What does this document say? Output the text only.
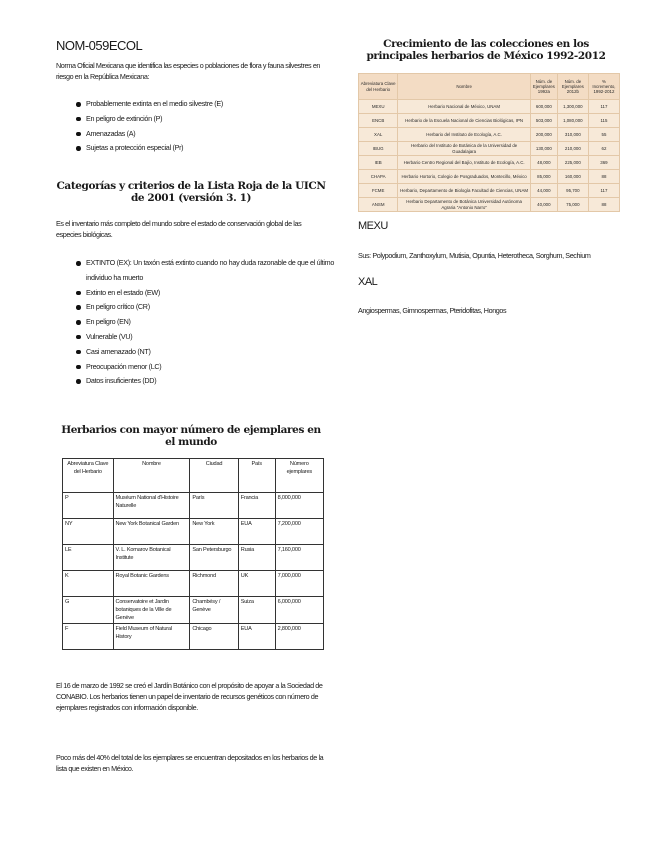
NOM-059ECOL
Norma Oficial Mexicana que identifica las especies o poblaciones de flora y fauna silvestres en riesgo en la República Mexicana:
Probablemente extinta en el medio silvestre (E)
En peligro de extinción (P)
Amenazadas (A)
Sujetas a protección especial (Pr)
Categorías y criterios de la Lista Roja de la UICN de 2001 (versión 3. 1)
Es el inventario más completo del mundo sobre el estado de conservación global de las especies biológicas.
EXTINTO (EX): Un taxón está extinto cuando no hay duda razonable de que el último individuo ha muerto
Extinto en el estado (EW)
En peligro crítico (CR)
En peligro (EN)
Vulnerable (VU)
Casi amenazado (NT)
Preocupación menor (LC)
Datos insuficientes (DD)
Herbarios con mayor número de ejemplares en el mundo
Abreviatura Clave del Herbario	Nombre	Ciudad	País	Número ejemplares
P	Muséum National d'Histoire Naturelle	París	Francia	8,000,000
NY	New York Botanical Garden	New York	EUA	7,200,000
LE	V. L. Komarov Botanical Institute	San Petersburgo	Rusia	7,160,000
K	Royal Botanic Gardens	Richmond	UK	7,000,000
G	Conservatoire et Jardin botaniques de la Ville de Genève	Chambésy / Genève	Suiza	6,000,000
F	Field Museum of Natural History	Chicago	EUA	2,800,000
El 16 de marzo de 1992 se creó el Jardín Botánico con el propósito de apoyar a la Sociedad de CONABIO. Los herbarios tienen un papel de inventario de recursos genéticos con número de ejemplares registrados con información disponible.
Poco más del 40% del total de los ejemplares se encuentran depositados en los herbarios de la lista que existen en México.
Crecimiento de las colecciones en los principales herbarios de México 1992-2012
Abreviatura Clave del Herbario	Nombre	Núm. de Ejemplares 1992a	Núm. de Ejemplares 2012b	% Incremento, 1992-2012
MEXU	Herbario Nacional de México, UNAM	600,000	1,300,000	117
ENCB	Herbario de la Escuela Nacional de Ciencias Biológicas, IPN	503,000	1,080,000	115
XAL	Herbario del Instituto de Ecología, A.C.	200,000	310,000	55
IBUG	Herbario del Instituto de Botánica de la Universidad de Guadalajara	130,000	210,000	62
IEB	Herbario Centro Regional del Bajío, Instituto de Ecología, A.C.	48,000	225,000	369
CHAPA	Herbario Hortorio, Colegio de Posgraduados, Montecillo, México	85,000	160,000	88
FCME	Herbario, Departamento de Biología Facultad de Ciencias, UNAM	44,000	95,700	117
ANSM	Herbario Departamento de Botánica Universidad Autónoma Agraria "Antonio Narro"	40,000	75,000	88
MEXU
Sus: Polypodium, Zanthoxylum, Mutisia, Opuntia, Heterotheca, Sorghum, Sechium
XAL
Angiospermas, Gimnospermas, Pteridofitas, Hongos
